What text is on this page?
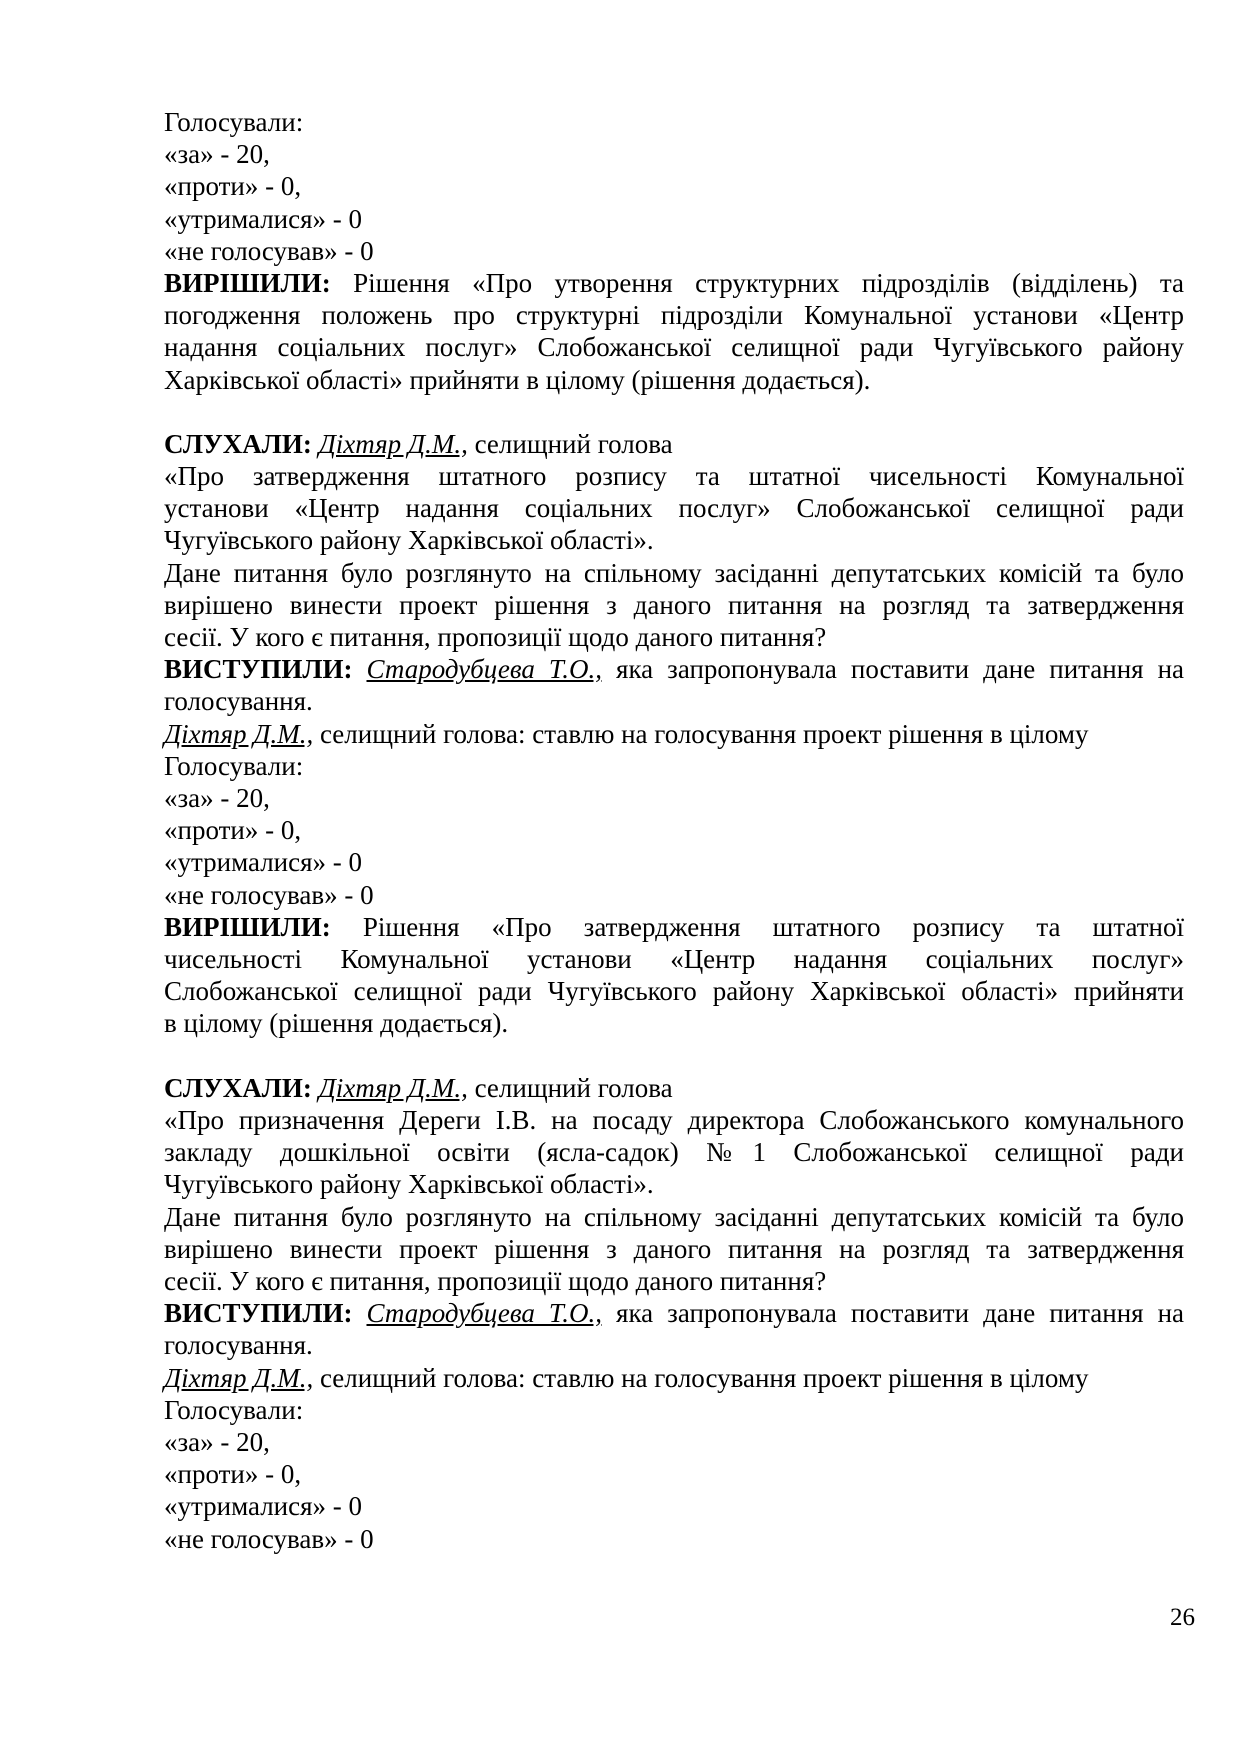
Голосували:
«за» - 20,
«проти» - 0,
«утрималися» - 0
«не голосував» - 0
ВИРІШИЛИ: Рішення «Про утворення структурних підрозділів (відділень) та
погодження положень про структурні підрозділи Комунальної установи «Центр
надання соціальних послуг» Слобожанської селищної ради Чугуївського району
Харківської області» прийняти в цілому (рішення додається).
СЛУХАЛИ: Діхтяр Д.М., селищний голова
«Про затвердження штатного розпису та штатної чисельності Комунальної
установи «Центр надання соціальних послуг» Слобожанської селищної ради
Чугуївського району Харківської області».
Дане питання було розглянуто на спільному засіданні депутатських комісій та було
вирішено винести проект рішення з даного питання на розгляд та затвердження
сесії. У кого є питання, пропозиції щодо даного питання?
ВИСТУПИЛИ: Стародубцева Т.О., яка запропонувала поставити дане питання на
голосування.
Діхтяр Д.М., селищний голова: ставлю на голосування проект рішення в цілому
Голосували:
«за» - 20,
«проти» - 0,
«утрималися» - 0
«не голосував» - 0
ВИРІШИЛИ: Рішення «Про затвердження штатного розпису та штатної
чисельності Комунальної установи «Центр надання соціальних послуг»
Слобожанської селищної ради Чугуївського району Харківської області» прийняти
в цілому (рішення додається).
СЛУХАЛИ: Діхтяр Д.М., селищний голова
«Про призначення Дереги І.В. на посаду директора Слобожанського комунального
закладу дошкільної освіти (ясла-садок) №1 Слобожанської селищної ради
Чугуївського району Харківської області».
Дане питання було розглянуто на спільному засіданні депутатських комісій та було
вирішено винести проект рішення з даного питання на розгляд та затвердження
сесії. У кого є питання, пропозиції щодо даного питання?
ВИСТУПИЛИ: Стародубцева Т.О., яка запропонувала поставити дане питання на
голосування.
Діхтяр Д.М., селищний голова: ставлю на голосування проект рішення в цілому
Голосували:
«за» - 20,
«проти» - 0,
«утрималися» - 0
«не голосував» - 0
26
